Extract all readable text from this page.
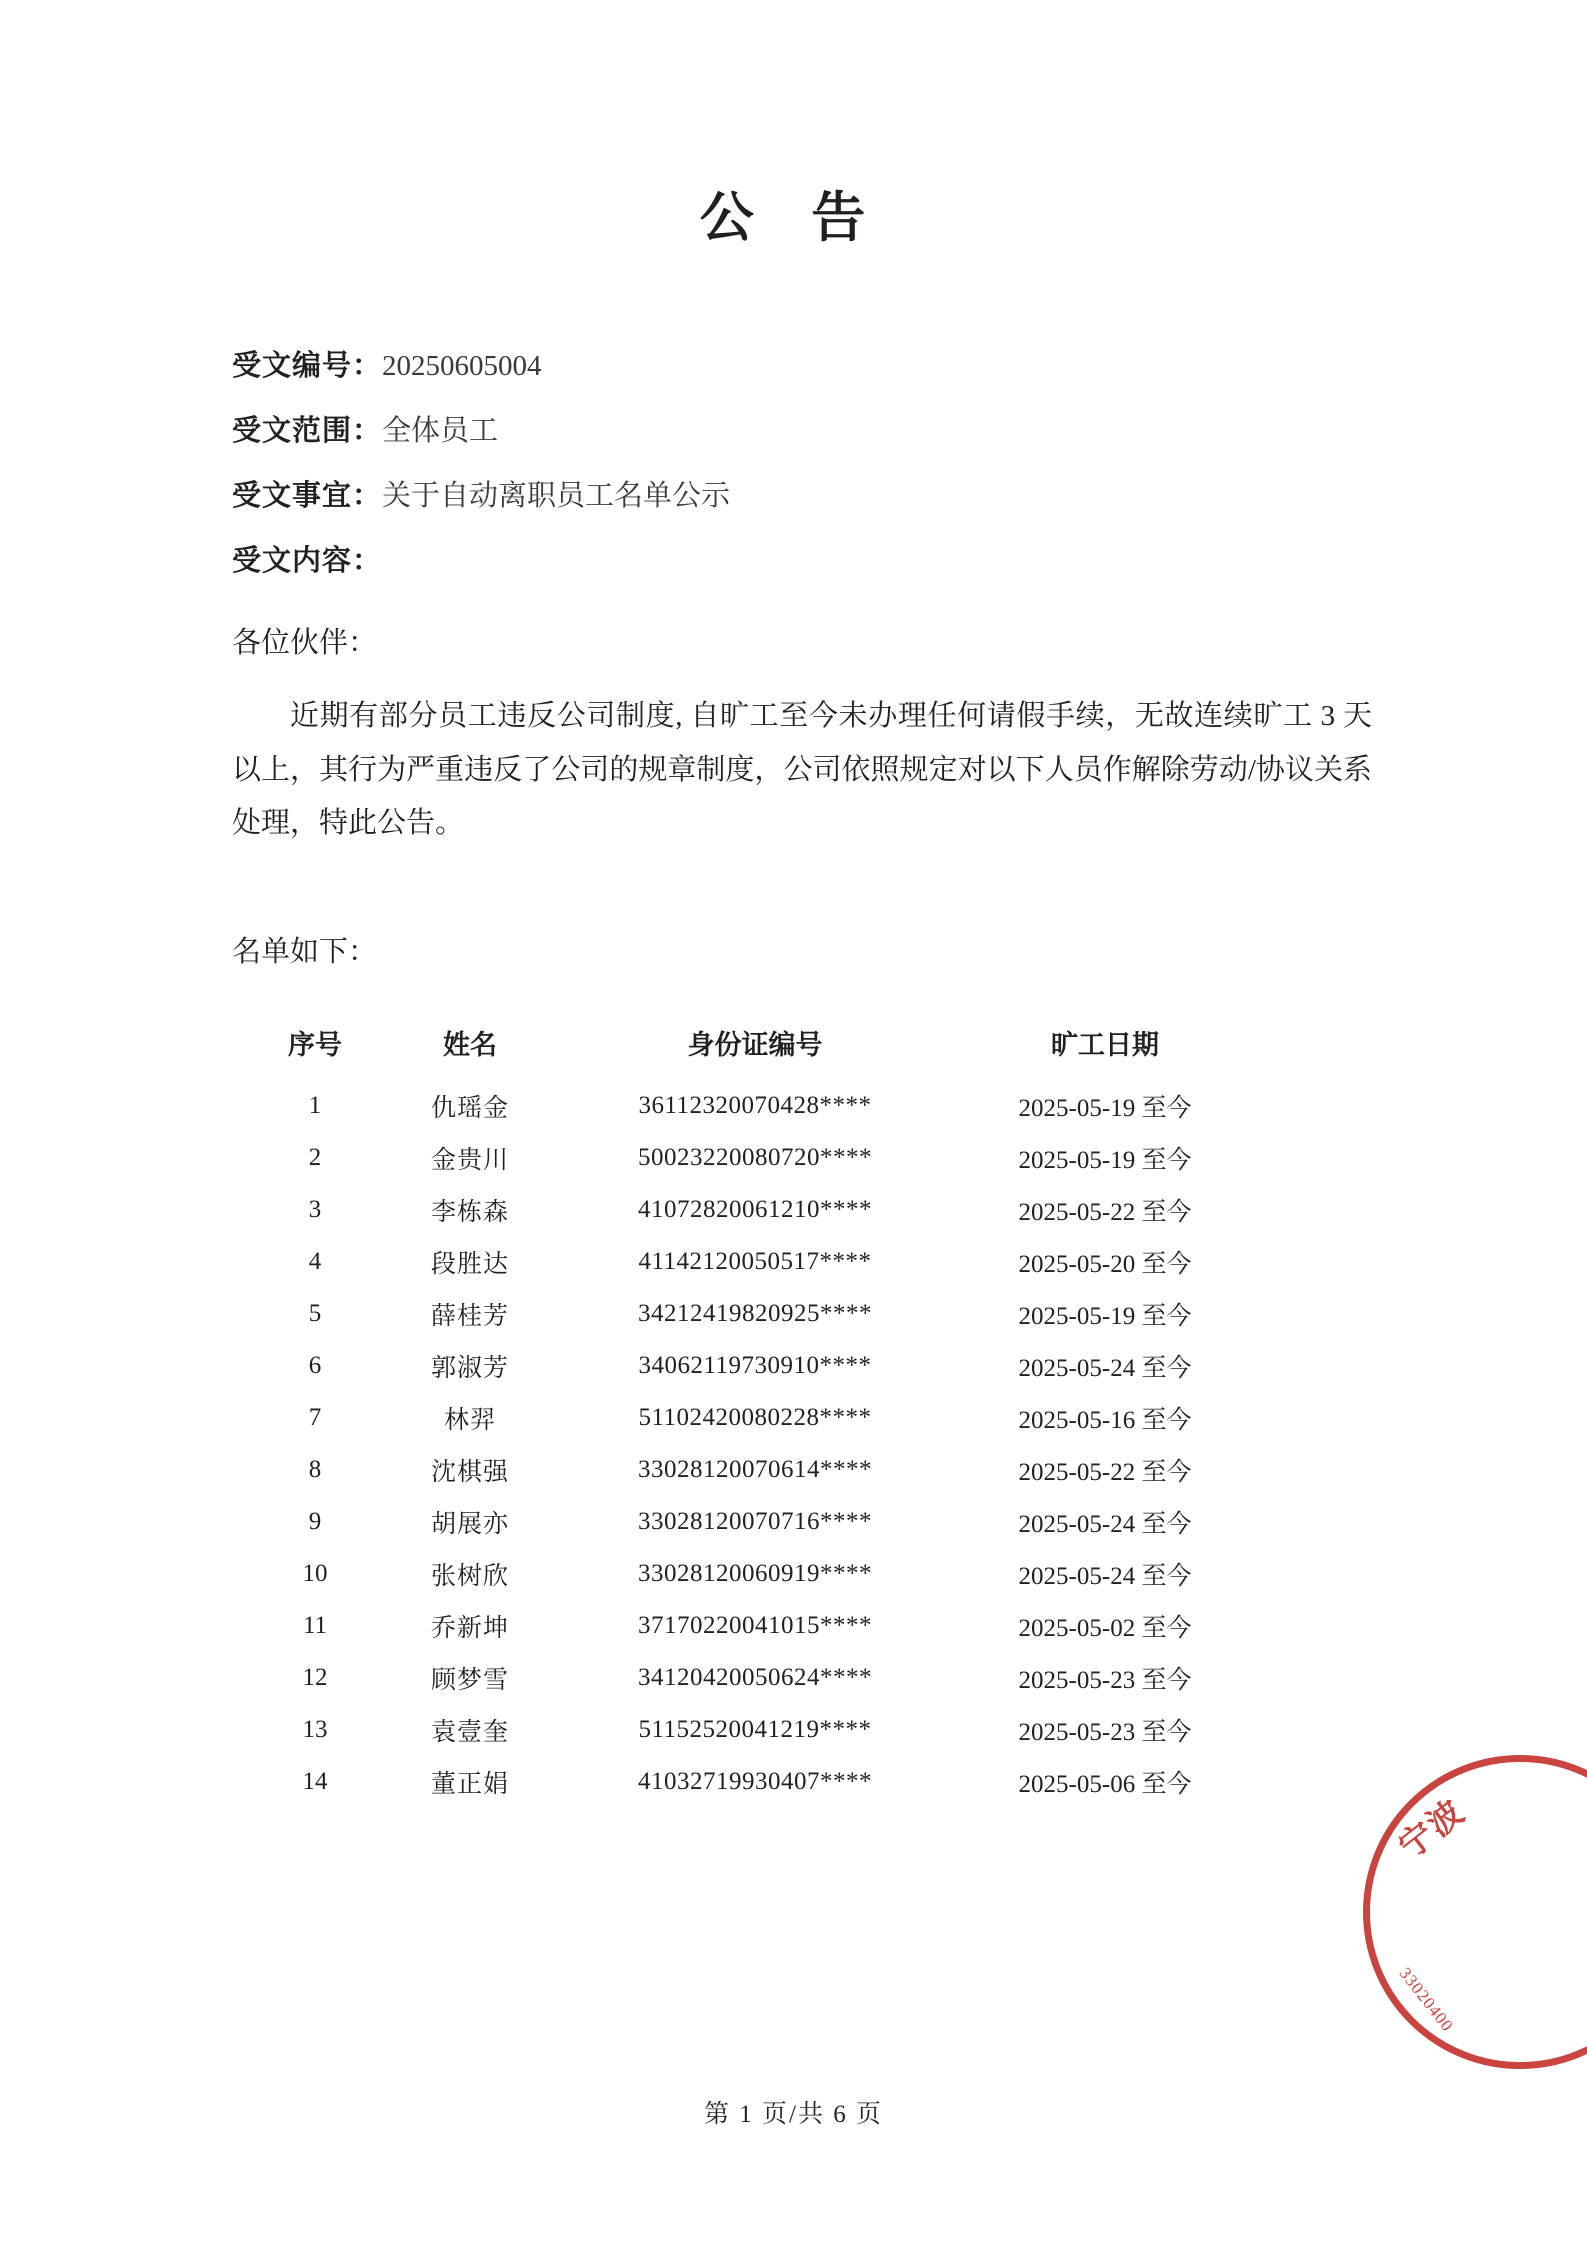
公 告
受文编号：20250605004
受文范围：全体员工
受文事宜：关于自动离职员工名单公示
受文内容：
各位伙伴：

近期有部分员工违反公司制度, 自旷工至今未办理任何请假手续，无故连续旷工 3 天以上，其行为严重违反了公司的规章制度，公司依照规定对以下人员作解除劳动/协议关系处理，特此公告。

名单如下：
序号	姓名	身份证编号	旷工日期
1	仇瑶金	36112320070428****	2025-05-19 至今
2	金贵川	50023220080720****	2025-05-19 至今
3	李栋森	41072820061210****	2025-05-22 至今
4	段胜达	41142120050517****	2025-05-20 至今
5	薛桂芳	34212419820925****	2025-05-19 至今
6	郭淑芳	34062119730910****	2025-05-24 至今
7	林羿	51102420080228****	2025-05-16 至今
8	沈棋强	33028120070614****	2025-05-22 至今
9	胡展亦	33028120070716****	2025-05-24 至今
10	张树欣	33028120060919****	2025-05-24 至今
11	乔新坤	37170220041015****	2025-05-02 至今
12	顾梦雪	34120420050624****	2025-05-23 至今
13	袁壹奎	51152520041219****	2025-05-23 至今
14	董正娟	41032719930407****	2025-05-06 至今
宁波
33020400
第 1 页/共 6 页
